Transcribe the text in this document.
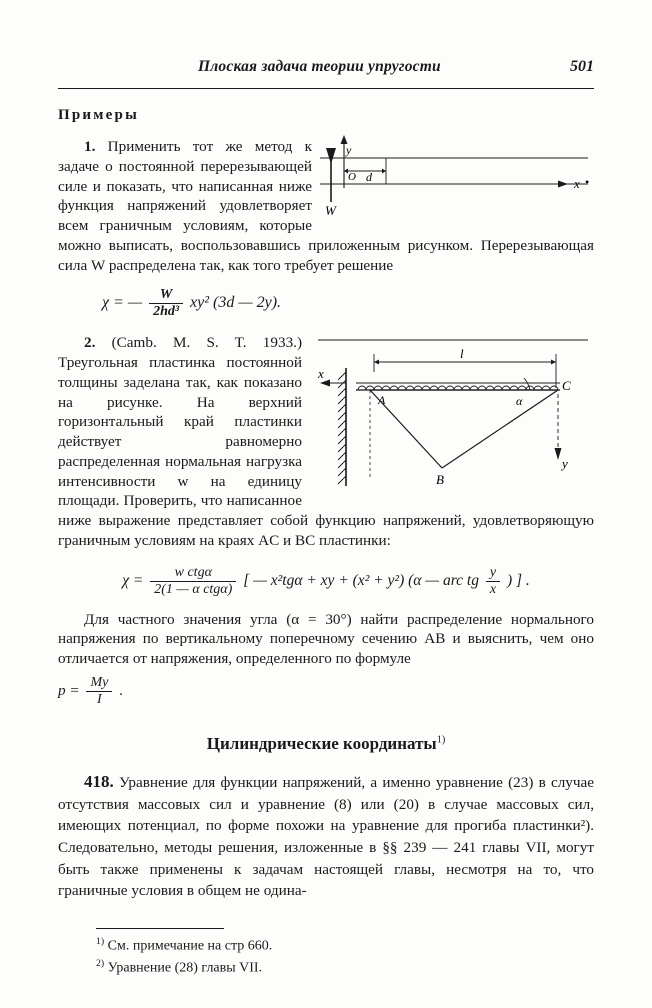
Плоская задача теории упругости	501
Примеры
y
x •
O d
W

1. Применить тот же метод к задаче о постоянной перерезывающей силе и показать, что написанная ниже функция напряжений удовлетворяет всем граничным условиям, которые можно выписать, воспользовавшись приложенным рисунком. Перерезывающая сила W распределена так, как того требует решение

χ = — $\frac{W}{\text{2hd³}} xy^2$ (3d — 2y).
l
x
α
y
A
B
C

2. (Camb. M. S. T. 1933.) Треугольная пластинка постоянной толщины заделана так, как показано на рисунке. На верхний горизонтальный край пластинки действует равномерно распределенная нормальная нагрузка интенсивности w на единицу площади. Проверить, что написанное ниже выражение представляет собой функцию напряжений, удовлетворяющую граничным условиям на краях AC и BC пластинки:

$\chi = \frac{\text{w ctgα}}{\text{2(1 — α ctgα)}}$ [ — x²tgα + xy + (x² + y²) (α — arc tg $\frac{y}{x}$ ) ] .

Для частного значения угла (α = 30°) найти распределение нормального напряжения по вертикальному поперечному сечению AB и выяснить, чем оно отличается от напряжения, определенного по формуле

$p = \frac{My}{I}$ .
Цилиндрические координаты$^{1)}$

418. Уравнение для функции напряжений, а именно уравнение (23) в случае отсутствия массовых сил и уравнение (8) или (20) в случае массовых сил, имеющих потенциал, по форме похожи на уравнение для прогиба пластинки²). Следовательно, методы решения, изложенные в §§ 239 — 241 главы VII, могут быть также применены к задачам настоящей главы, несмотря на то, что граничные условия в общем не одина-

$^{1)}$ См. примечание на стр 660.
$^{2)}$ Уравнение (28) главы VII.
